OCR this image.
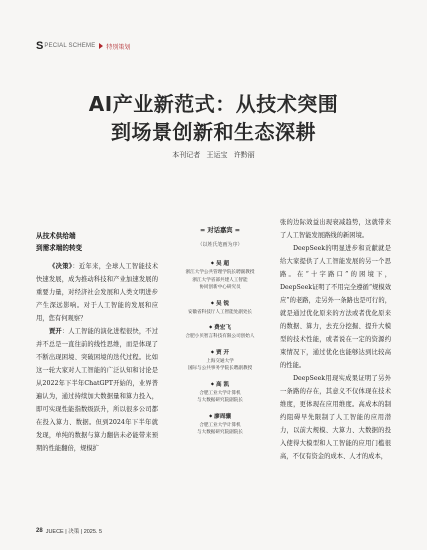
S PECIAL SCHEME 特别策划
AI产业新范式：从技术突围
到场景创新和生态深耕
本刊记者 王运宝 许黔丽
从技术供给端
到需求端的转变

《决策》：近年来，全球人工智能技术快速发展，成为推动科技和产业加速发展的重要力量，对经济社会发展和人类文明进步产生深远影响。对于人工智能的发展和应用，您有何观察？

贾开：人工智能的演化进程很快，不过并不总是一直往前的线性思维，而是体现了不断出现困境、突破困境的迭代过程。比如这一轮大家对人工智能的广泛认知和讨论是从2022年下半年ChatGPT开始的，业界普遍认为，通过持续加大数据量和算力投入，即可实现性能指数级跃升，所以很多公司都在投入算力、数据。但到2024年下半年就发现，单纯的数据与算力翻倍未必能带来预期的性能翻倍，规模扩

= 对话嘉宾 =
（以姓氏笔画为序）
◆ 吴 超
浙江大学公共管理学院长聘副教授
浙江大学省部共建人工智能
协同创新中心研究员
◆ 吴 锐
安徽省科技厅人工智能处副处长
◆ 费宏飞
合肥小贝智言科技有限公司创始人
◆ 贾 开
上海交通大学
国际与公共事务学院长聘副教授
◆ 高 凯
合肥工业大学计算机
与大数据研究院副院长
◆ 廖周骧
合肥工业大学计算机
与大数据研究院副院长

张的边际效益出现衰减趋势，这就带来了人工智能发展路线的新困境。

DeepSeek的明显进步和贡献就是给大家提供了人工智能发展的另一个思路。在“十字路口”的困境下，DeepSeek证明了不用完全遵循“规模效应”的老路，走另外一条路也是可行的，就是通过优化原来的方法或者优化原来的数据、算力，去充分挖掘、提升大模型的技术性能，或者说在一定的资源约束情况下，通过优化也能够达到比较高的性能。

DeepSeek用现实成果证明了另外一条路的存在，其意义不仅体现在技术维度，更体现在应用维度。高成本的制约阻碍早先限制了人工智能的应用潜力，以前大规模、大算力、大数据的投入使得大模型和人工智能的应用门槛很高，不仅有资金的成本、人才的成本，

28 JUECE | 决策 | 2025. 5
